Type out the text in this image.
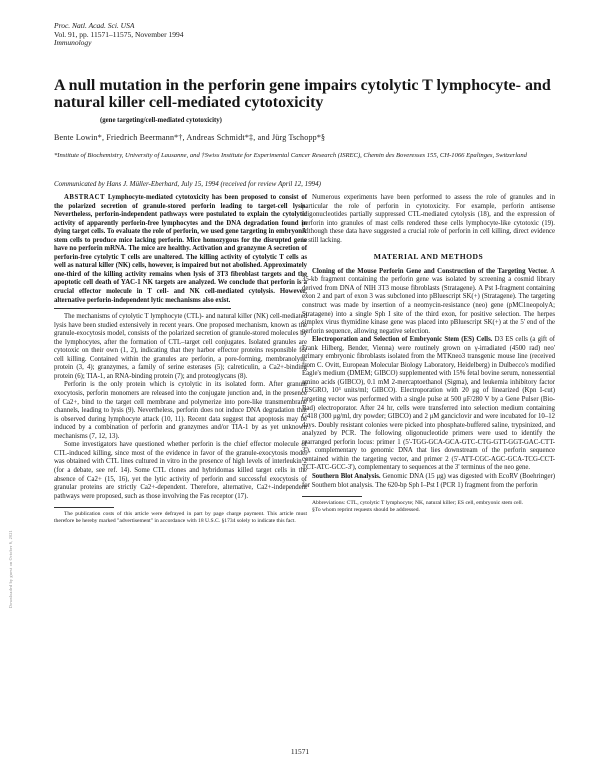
Proc. Natl. Acad. Sci. USA
Vol. 91, pp. 11571–11575, November 1994
Immunology
A null mutation in the perforin gene impairs cytolytic T lymphocyte- and natural killer cell-mediated cytotoxicity
(gene targeting/cell-mediated cytotoxicity)
Bente Lowin*, Friedrich Beermann*†, Andreas Schmidt*‡, and Jürg Tschopp*§
*Institute of Biochemistry, University of Lausanne, and †Swiss Institute for Experimental Cancer Research (ISREC), Chemin des Boveresses 155, CH-1066 Epalinges, Switzerland
Communicated by Hans J. Müller-Eberhard, July 15, 1994 (received for review April 12, 1994)

ABSTRACT Lymphocyte-mediated cytotoxicity has been proposed to consist of the polarized secretion of granule-stored perforin leading to target-cell lysis. Nevertheless, perforin-independent pathways were postulated to explain the cytolytic activity of apparently perforin-free lymphocytes and the DNA degradation found in dying target cells. To evaluate the role of perforin, we used gene targeting in embryonic stem cells to produce mice lacking perforin. Mice homozygous for the disrupted gene have no perforin mRNA. The mice are healthy. Activation and granzyme A secretion of perforin-free cytolytic T cells are unaltered. The killing activity of cytolytic T cells as well as natural killer (NK) cells, however, is impaired but not abolished. Approximately one-third of the killing activity remains when lysis of 3T3 fibroblast targets and the apoptotic cell death of YAC-1 NK targets are analyzed. We conclude that perforin is a crucial effector molecule in T cell- and NK cell-mediated cytolysis. However, alternative perforin-independent lytic mechanisms also exist.

The mechanisms of cytolytic T lymphocyte (CTL)- and natural killer (NK) cell-mediated lysis have been studied extensively in recent years. One proposed mechanism, known as the granule-exocytosis model, consists of the polarized secretion of granule-stored molecules by the lymphocytes, after the formation of CTL–target cell conjugates. Isolated granules are cytotoxic on their own (1, 2), indicating that they harbor effector proteins responsible for cell killing. Contained within the granules are perforin, a pore-forming, membranolytic protein (3, 4); granzymes, a family of serine esterases (5); calreticulin, a Ca2+-binding protein (6); TIA-1, an RNA-binding protein (7); and proteoglycans (8).

Perforin is the only protein which is cytolytic in its isolated form. After granule exocytosis, perforin monomers are released into the conjugate junction and, in the presence of Ca2+, bind to the target cell membrane and polymerize into pore-like transmembrane channels, leading to lysis (9). Nevertheless, perforin does not induce DNA degradation that is observed during lymphocyte attack (10, 11). Recent data suggest that apoptosis may be induced by a combination of perforin and granzymes and/or TIA-1 by as yet unknown mechanisms (7, 12, 13).

Some investigators have questioned whether perforin is the chief effector molecule of CTL-induced killing, since most of the evidence in favor of the granule-exocytosis model was obtained with CTL lines cultured in vitro in the presence of high levels of interleukin 2 (for a debate, see ref. 14). Some CTL clones and hybridomas killed target cells in the absence of Ca2+ (15, 16), yet the lytic activity of perforin and successful exocytosis of granular proteins are strictly Ca2+-dependent. Therefore, alternative, Ca2+-independent pathways were proposed, such as those involving the Fas receptor (17).

The publication costs of this article were defrayed in part by page charge payment. This article must therefore be hereby marked "advertisement" in accordance with 18 U.S.C. §1734 solely to indicate this fact.

Numerous experiments have been performed to assess the role of granules and in particular the role of perforin in cytotoxicity. For example, perforin antisense oligonucleotides partially suppressed CTL-mediated cytolysis (18), and the expression of perforin into granules of mast cells rendered these cells lymphocyte-like cytotoxic (19). Although these data have suggested a crucial role of perforin in cell killing, direct evidence is still lacking.

MATERIAL AND METHODS

Cloning of the Mouse Perforin Gene and Construction of the Targeting Vector. A 35-kb fragment containing the perforin gene was isolated by screening a cosmid library derived from DNA of NIH 3T3 mouse fibroblasts (Stratagene). A Pst I-fragment containing exon 2 and part of exon 3 was subcloned into pBluescript SK(+) (Stratagene). The targeting construct was made by insertion of a neomycin-resistance (neo) gene (pMC1neopolyA; Stratagene) into a single Sph I site of the third exon, for positive selection. The herpes simplex virus thymidine kinase gene was placed into pBluescript SK(+) at the 5' end of the perforin sequence, allowing negative selection.

Electroporation and Selection of Embryonic Stem (ES) Cells. D3 ES cells (a gift of Frank Hilberg, Bender, Vienna) were routinely grown on γ-irradiated (4500 rad) neo' primary embryonic fibroblasts isolated from the MTKneo3 transgenic mouse line (received from C. Ovitt, European Molecular Biology Laboratory, Heidelberg) in Dulbecco's modified Eagle's medium (DMEM; GIBCO) supplemented with 15% fetal bovine serum, nonessential amino acids (GIBCO), 0.1 mM 2-mercaptoethanol (Sigma), and leukemia inhibitory factor (ESGRO, 10³ units/ml; GIBCO). Electroporation with 20 μg of linearized (Kpn I-cut) targeting vector was performed with a single pulse at 500 μF/280 V by a Gene Pulser (Bio-Rad) electroporator. After 24 hr, cells were transferred into selection medium containing G418 (300 μg/ml, dry powder; GIBCO) and 2 μM ganciclovir and were incubated for 10–12 days. Doubly resistant colonies were picked into phosphate-buffered saline, trypsinized, and analyzed by PCR. The following oligonucleotide primers were used to identify the rearranged perforin locus: primer 1 (5'-TGG-GCA-GCA-GTC-CTG-GTT-GGT-GAC-CTT-3'), complementary to genomic DNA that lies downstream of the perforin sequence contained within the targeting vector, and primer 2 (5'-ATT-CGC-AGC-GCA-TCG-CCT-TCT-ATC-GCC-3'), complementary to sequences at the 3' terminus of the neo gene.

Southern Blot Analysis. Genomic DNA (15 μg) was digested with EcoRV (Boehringer) for Southern blot analysis. The 620-bp Sph I–Pst I (PCR 1) fragment from the perforin

Abbreviations: CTL, cytolytic T lymphocyte; NK, natural killer; ES cell, embryonic stem cell.

§To whom reprint requests should be addressed.

11571
Downloaded by guest on October 6, 2021
